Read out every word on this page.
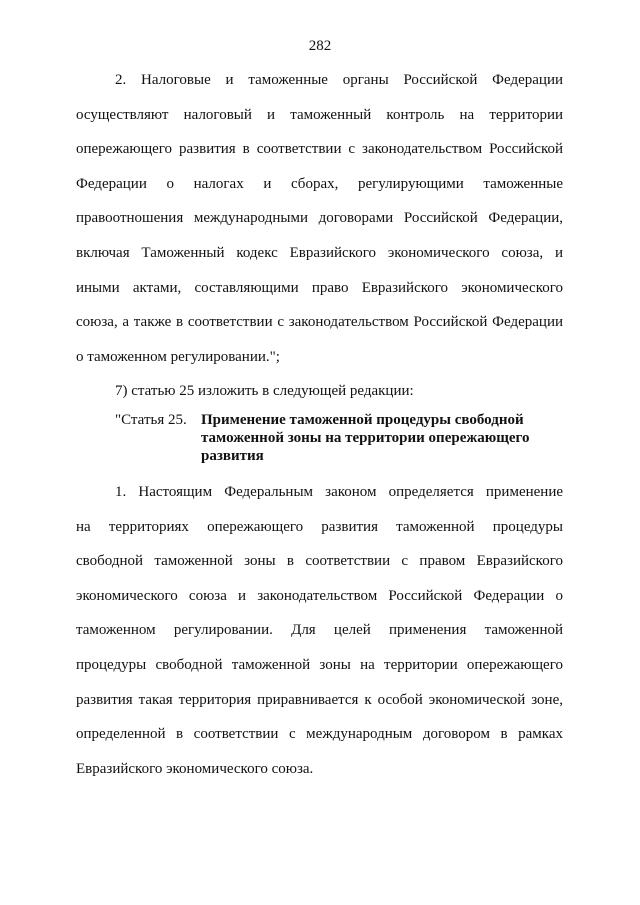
282
2. Налоговые и таможенные органы Российской Федерации
осуществляют налоговый и таможенный контроль на территории
опережающего развития в соответствии с законодательством Российской
Федерации о налогах и сборах, регулирующими таможенные
правоотношения международными договорами Российской Федерации,
включая Таможенный кодекс Евразийского экономического союза, и
иными актами, составляющими право Евразийского экономического
союза, а также в соответствии с законодательством Российской Федерации
о таможенном регулировании.";
7) статью 25 изложить в следующей редакции:
"Статья 25. Применение таможенной процедуры свободной
таможенной зоны на территории опережающего
развития
1. Настоящим Федеральным законом определяется применение
на территориях опережающего развития таможенной процедуры
свободной таможенной зоны в соответствии с правом Евразийского
экономического союза и законодательством Российской Федерации о
таможенном регулировании. Для целей применения таможенной
процедуры свободной таможенной зоны на территории опережающего
развития такая территория приравнивается к особой экономической зоне,
определенной в соответствии с международным договором в рамках
Евразийского экономического союза.
